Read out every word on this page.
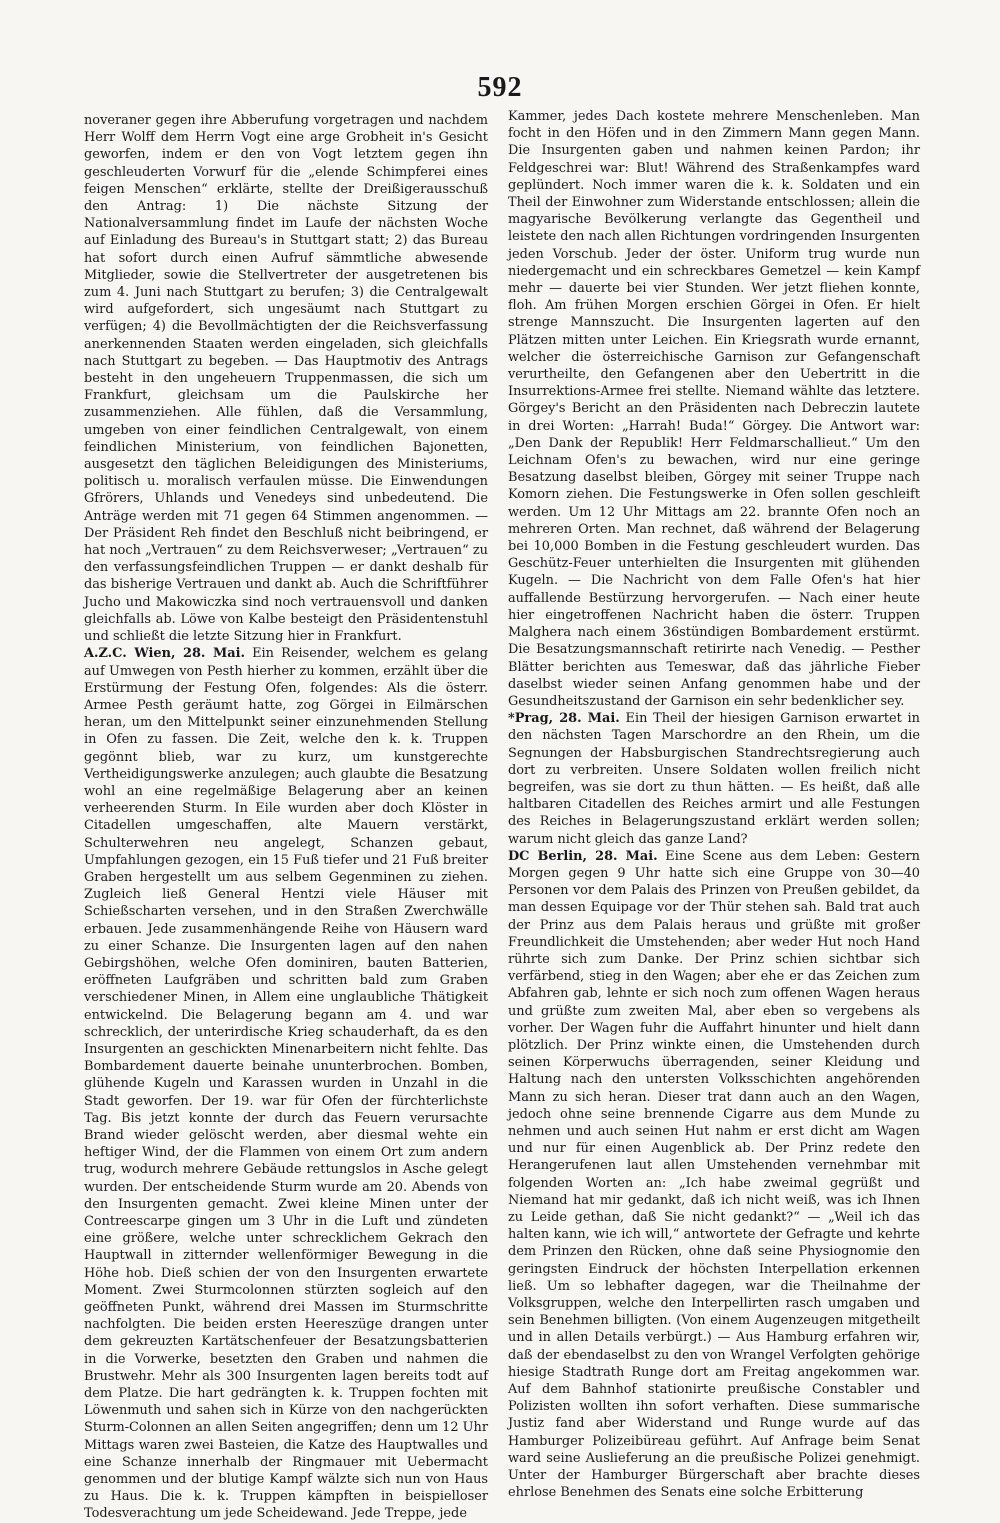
592

noveraner gegen ihre Abberufung vorgetragen und nachdem Herr Wolff dem Herrn Vogt eine arge Grobheit in's Gesicht geworfen, indem er den von Vogt letztem gegen ihn geschleuderten Vorwurf für die „elende Schimpferei eines feigen Menschen“ erklärte, stellte der Dreißigerausschuß den Antrag: 1) Die nächste Sitzung der Nationalversammlung findet im Laufe der nächsten Woche auf Einladung des Bureau's in Stuttgart statt; 2) das Bureau hat sofort durch einen Aufruf sämmtliche abwesende Mitglieder, sowie die Stellvertreter der ausgetretenen bis zum 4. Juni nach Stuttgart zu berufen; 3) die Centralgewalt wird aufgefordert, sich ungesäumt nach Stuttgart zu verfügen; 4) die Bevollmächtigten der die Reichsverfassung anerkennenden Staaten werden eingeladen, sich gleichfalls nach Stuttgart zu begeben. — Das Hauptmotiv des Antrags besteht in den ungeheuern Truppenmassen, die sich um Frankfurt, gleichsam um die Paulskirche her zusammenziehen. Alle fühlen, daß die Versammlung, umgeben von einer feindlichen Centralgewalt, von einem feindlichen Ministerium, von feindlichen Bajonetten, ausgesetzt den täglichen Beleidigungen des Ministeriums, politisch u. moralisch verfaulen müsse. Die Einwendungen Gfrörers, Uhlands und Venedeys sind unbedeutend. Die Anträge werden mit 71 gegen 64 Stimmen angenommen. — Der Präsident Reh findet den Beschluß nicht beibringend, er hat noch „Vertrauen“ zu dem Reichsverweser; „Vertrauen“ zu den verfassungsfeindlichen Truppen — er dankt deshalb für das bisherige Vertrauen und dankt ab. Auch die Schriftführer Jucho und Makowiczka sind noch vertrauensvoll und danken gleichfalls ab. Löwe von Kalbe besteigt den Präsidentenstuhl und schließt die letzte Sitzung hier in Frankfurt.

A.Z.C. Wien, 28. Mai. Ein Reisender, welchem es gelang auf Umwegen von Pesth hierher zu kommen, erzählt über die Erstürmung der Festung Ofen, folgendes: Als die österr. Armee Pesth geräumt hatte, zog Görgei in Eilmärschen heran, um den Mittelpunkt seiner einzunehmenden Stellung in Ofen zu fassen. Die Zeit, welche den k. k. Truppen gegönnt blieb, war zu kurz, um kunstgerechte Vertheidigungswerke anzulegen; auch glaubte die Besatzung wohl an eine regelmäßige Belagerung aber an keinen verheerenden Sturm. In Eile wurden aber doch Klöster in Citadellen umgeschaffen, alte Mauern verstärkt, Schulterwehren neu angelegt, Schanzen gebaut, Umpfahlungen gezogen, ein 15 Fuß tiefer und 21 Fuß breiter Graben hergestellt um aus selbem Gegenminen zu ziehen. Zugleich ließ General Hentzi viele Häuser mit Schießscharten versehen, und in den Straßen Zwerchwälle erbauen. Jede zusammenhängende Reihe von Häusern ward zu einer Schanze. Die Insurgenten lagen auf den nahen Gebirgshöhen, welche Ofen dominiren, bauten Batterien, eröffneten Laufgräben und schritten bald zum Graben verschiedener Minen, in Allem eine unglaubliche Thätigkeit entwickelnd. Die Belagerung begann am 4. und war schrecklich, der unterirdische Krieg schauderhaft, da es den Insurgenten an geschickten Minenarbeitern nicht fehlte. Das Bombardement dauerte beinahe ununterbrochen. Bomben, glühende Kugeln und Karassen wurden in Unzahl in die Stadt geworfen. Der 19. war für Ofen der fürchterlichste Tag. Bis jetzt konnte der durch das Feuern verursachte Brand wieder gelöscht werden, aber diesmal wehte ein heftiger Wind, der die Flammen von einem Ort zum andern trug, wodurch mehrere Gebäude rettungslos in Asche gelegt wurden. Der entscheidende Sturm wurde am 20. Abends von den Insurgenten gemacht. Zwei kleine Minen unter der Contreescarpe gingen um 3 Uhr in die Luft und zündeten eine größere, welche unter schrecklichem Gekrach den Hauptwall in zitternder wellenförmiger Bewegung in die Höhe hob. Dieß schien der von den Insurgenten erwartete Moment. Zwei Sturmcolonnen stürzten sogleich auf den geöffneten Punkt, während drei Massen im Sturmschritte nachfolgten. Die beiden ersten Heereszüge drangen unter dem gekreuzten Kartätschenfeuer der Besatzungsbatterien in die Vorwerke, besetzten den Graben und nahmen die Brustwehr. Mehr als 300 Insurgenten lagen bereits todt auf dem Platze. Die hart gedrängten k. k. Truppen fochten mit Löwenmuth und sahen sich in Kürze von den nachgerückten Sturm-Colonnen an allen Seiten angegriffen; denn um 12 Uhr Mittags waren zwei Basteien, die Katze des Hauptwalles und eine Schanze innerhalb der Ringmauer mit Uebermacht genommen und der blutige Kampf wälzte sich nun von Haus zu Haus. Die k. k. Truppen kämpften in beispielloser Todesverachtung um jede Scheidewand. Jede Treppe, jede

Kammer, jedes Dach kostete mehrere Menschenleben. Man focht in den Höfen und in den Zimmern Mann gegen Mann. Die Insurgenten gaben und nahmen keinen Pardon; ihr Feldgeschrei war: Blut! Während des Straßenkampfes ward geplündert. Noch immer waren die k. k. Soldaten und ein Theil der Einwohner zum Widerstande entschlossen; allein die magyarische Bevölkerung verlangte das Gegentheil und leistete den nach allen Richtungen vordringenden Insurgenten jeden Vorschub. Jeder der öster. Uniform trug wurde nun niedergemacht und ein schreckbares Gemetzel — kein Kampf mehr — dauerte bei vier Stunden. Wer jetzt fliehen konnte, floh. Am frühen Morgen erschien Görgei in Ofen. Er hielt strenge Mannszucht. Die Insurgenten lagerten auf den Plätzen mitten unter Leichen. Ein Kriegsrath wurde ernannt, welcher die österreichische Garnison zur Gefangenschaft verurtheilte, den Gefangenen aber den Uebertritt in die Insurrektions-Armee frei stellte. Niemand wählte das letztere. Görgey's Bericht an den Präsidenten nach Debreczin lautete in drei Worten: „Harrah! Buda!“ Görgey. Die Antwort war: „Den Dank der Republik! Herr Feldmarschallieut.“ Um den Leichnam Ofen's zu bewachen, wird nur eine geringe Besatzung daselbst bleiben, Görgey mit seiner Truppe nach Komorn ziehen. Die Festungswerke in Ofen sollen geschleift werden. Um 12 Uhr Mittags am 22. brannte Ofen noch an mehreren Orten. Man rechnet, daß während der Belagerung bei 10,000 Bomben in die Festung geschleudert wurden. Das Geschütz-Feuer unterhielten die Insurgenten mit glühenden Kugeln. — Die Nachricht von dem Falle Ofen's hat hier auffallende Bestürzung hervorgerufen. — Nach einer heute hier eingetroffenen Nachricht haben die österr. Truppen Malghera nach einem 36stündigen Bombardement erstürmt. Die Besatzungsmannschaft retirirte nach Venedig. — Pesther Blätter berichten aus Temeswar, daß das jährliche Fieber daselbst wieder seinen Anfang genommen habe und der Gesundheitszustand der Garnison ein sehr bedenklicher sey.

*Prag, 28. Mai. Ein Theil der hiesigen Garnison erwartet in den nächsten Tagen Marschordre an den Rhein, um die Segnungen der Habsburgischen Standrechtsregierung auch dort zu verbreiten. Unsere Soldaten wollen freilich nicht begreifen, was sie dort zu thun hätten. — Es heißt, daß alle haltbaren Citadellen des Reiches armirt und alle Festungen des Reiches in Belagerungszustand erklärt werden sollen; warum nicht gleich das ganze Land?

DC Berlin, 28. Mai. Eine Scene aus dem Leben: Gestern Morgen gegen 9 Uhr hatte sich eine Gruppe von 30—40 Personen vor dem Palais des Prinzen von Preußen gebildet, da man dessen Equipage vor der Thür stehen sah. Bald trat auch der Prinz aus dem Palais heraus und grüßte mit großer Freundlichkeit die Umstehenden; aber weder Hut noch Hand rührte sich zum Danke. Der Prinz schien sichtbar sich verfärbend, stieg in den Wagen; aber ehe er das Zeichen zum Abfahren gab, lehnte er sich noch zum offenen Wagen heraus und grüßte zum zweiten Mal, aber eben so vergebens als vorher. Der Wagen fuhr die Auffahrt hinunter und hielt dann plötzlich. Der Prinz winkte einen, die Umstehenden durch seinen Körperwuchs überragenden, seiner Kleidung und Haltung nach den untersten Volksschichten angehörenden Mann zu sich heran. Dieser trat dann auch an den Wagen, jedoch ohne seine brennende Cigarre aus dem Munde zu nehmen und auch seinen Hut nahm er erst dicht am Wagen und nur für einen Augenblick ab. Der Prinz redete den Herangerufenen laut allen Umstehenden vernehmbar mit folgenden Worten an: „Ich habe zweimal gegrüßt und Niemand hat mir gedankt, daß ich nicht weiß, was ich Ihnen zu Leide gethan, daß Sie nicht gedankt?“ — „Weil ich das halten kann, wie ich will,“ antwortete der Gefragte und kehrte dem Prinzen den Rücken, ohne daß seine Physiognomie den geringsten Eindruck der höchsten Interpellation erkennen ließ. Um so lebhafter dagegen, war die Theilnahme der Volksgruppen, welche den Interpellirten rasch umgaben und sein Benehmen billigten. (Von einem Augenzeugen mitgetheilt und in allen Details verbürgt.) — Aus Hamburg erfahren wir, daß der ebendaselbst zu den von Wrangel Verfolgten gehörige hiesige Stadtrath Runge dort am Freitag angekommen war. Auf dem Bahnhof stationirte preußische Constabler und Polizisten wollten ihn sofort verhaften. Diese summarische Justiz fand aber Widerstand und Runge wurde auf das Hamburger Polizeibüreau geführt. Auf Anfrage beim Senat ward seine Auslieferung an die preußische Polizei genehmigt. Unter der Hamburger Bürgerschaft aber brachte dieses ehrlose Benehmen des Senats eine solche Erbitterung
